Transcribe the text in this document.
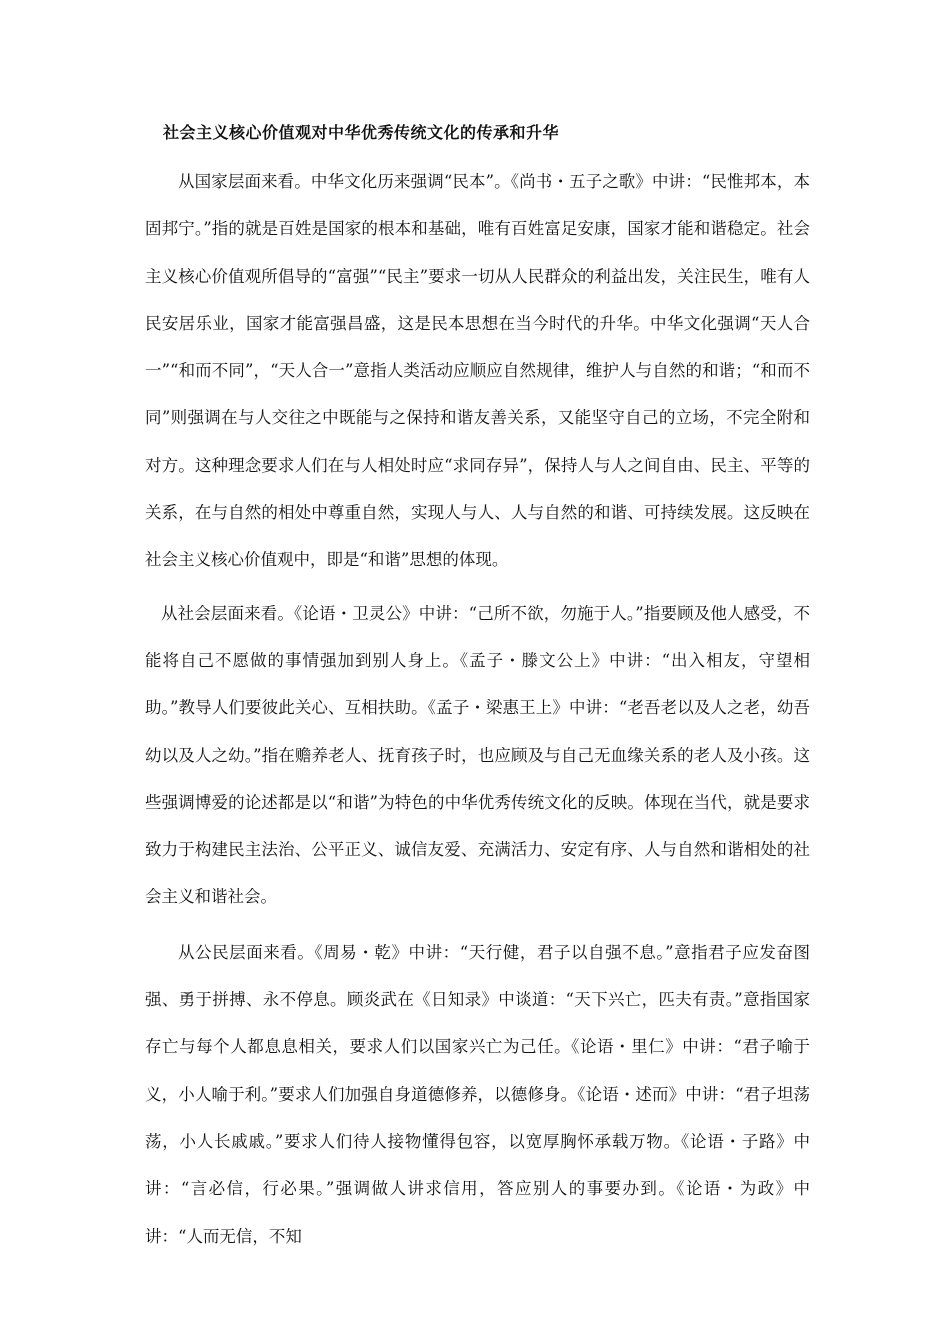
社会主义核心价值观对中华优秀传统文化的传承和升华

从国家层面来看。中华文化历来强调“民本”。《尚书・五子之歌》中讲：“民惟邦本，本固邦宁。”指的就是百姓是国家的根本和基础，唯有百姓富足安康，国家才能和谐稳定。社会主义核心价值观所倡导的“富强”“民主”要求一切从人民群众的利益出发，关注民生，唯有人民安居乐业，国家才能富强昌盛，这是民本思想在当今时代的升华。中华文化强调“天人合一”“和而不同”，“天人合一”意指人类活动应顺应自然规律，维护人与自然的和谐；“和而不同”则强调在与人交往之中既能与之保持和谐友善关系，又能坚守自己的立场，不完全附和对方。这种理念要求人们在与人相处时应“求同存异”，保持人与人之间自由、民主、平等的关系，在与自然的相处中尊重自然，实现人与人、人与自然的和谐、可持续发展。这反映在社会主义核心价值观中，即是“和谐”思想的体现。

从社会层面来看。《论语・卫灵公》中讲：“己所不欲，勿施于人。”指要顾及他人感受，不能将自己不愿做的事情强加到别人身上。《孟子・滕文公上》中讲：“出入相友，守望相助。”教导人们要彼此关心、互相扶助。《孟子・梁惠王上》中讲：“老吾老以及人之老，幼吾幼以及人之幼。”指在赡养老人、抚育孩子时，也应顾及与自己无血缘关系的老人及小孩。这些强调博爱的论述都是以“和谐”为特色的中华优秀传统文化的反映。体现在当代，就是要求致力于构建民主法治、公平正义、诚信友爱、充满活力、安定有序、人与自然和谐相处的社会主义和谐社会。

从公民层面来看。《周易・乾》中讲：“天行健，君子以自强不息。”意指君子应发奋图强、勇于拼搏、永不停息。顾炎武在《日知录》中谈道：“天下兴亡，匹夫有责。”意指国家存亡与每个人都息息相关，要求人们以国家兴亡为己任。《论语・里仁》中讲：“君子喻于义，小人喻于利。”要求人们加强自身道德修养，以德修身。《论语・述而》中讲：“君子坦荡荡，小人长戚戚。”要求人们待人接物懂得包容，以宽厚胸怀承载万物。《论语・子路》中讲：“言必信，行必果。”强调做人讲求信用，答应别人的事要办到。《论语・为政》中讲：“人而无信，不知
